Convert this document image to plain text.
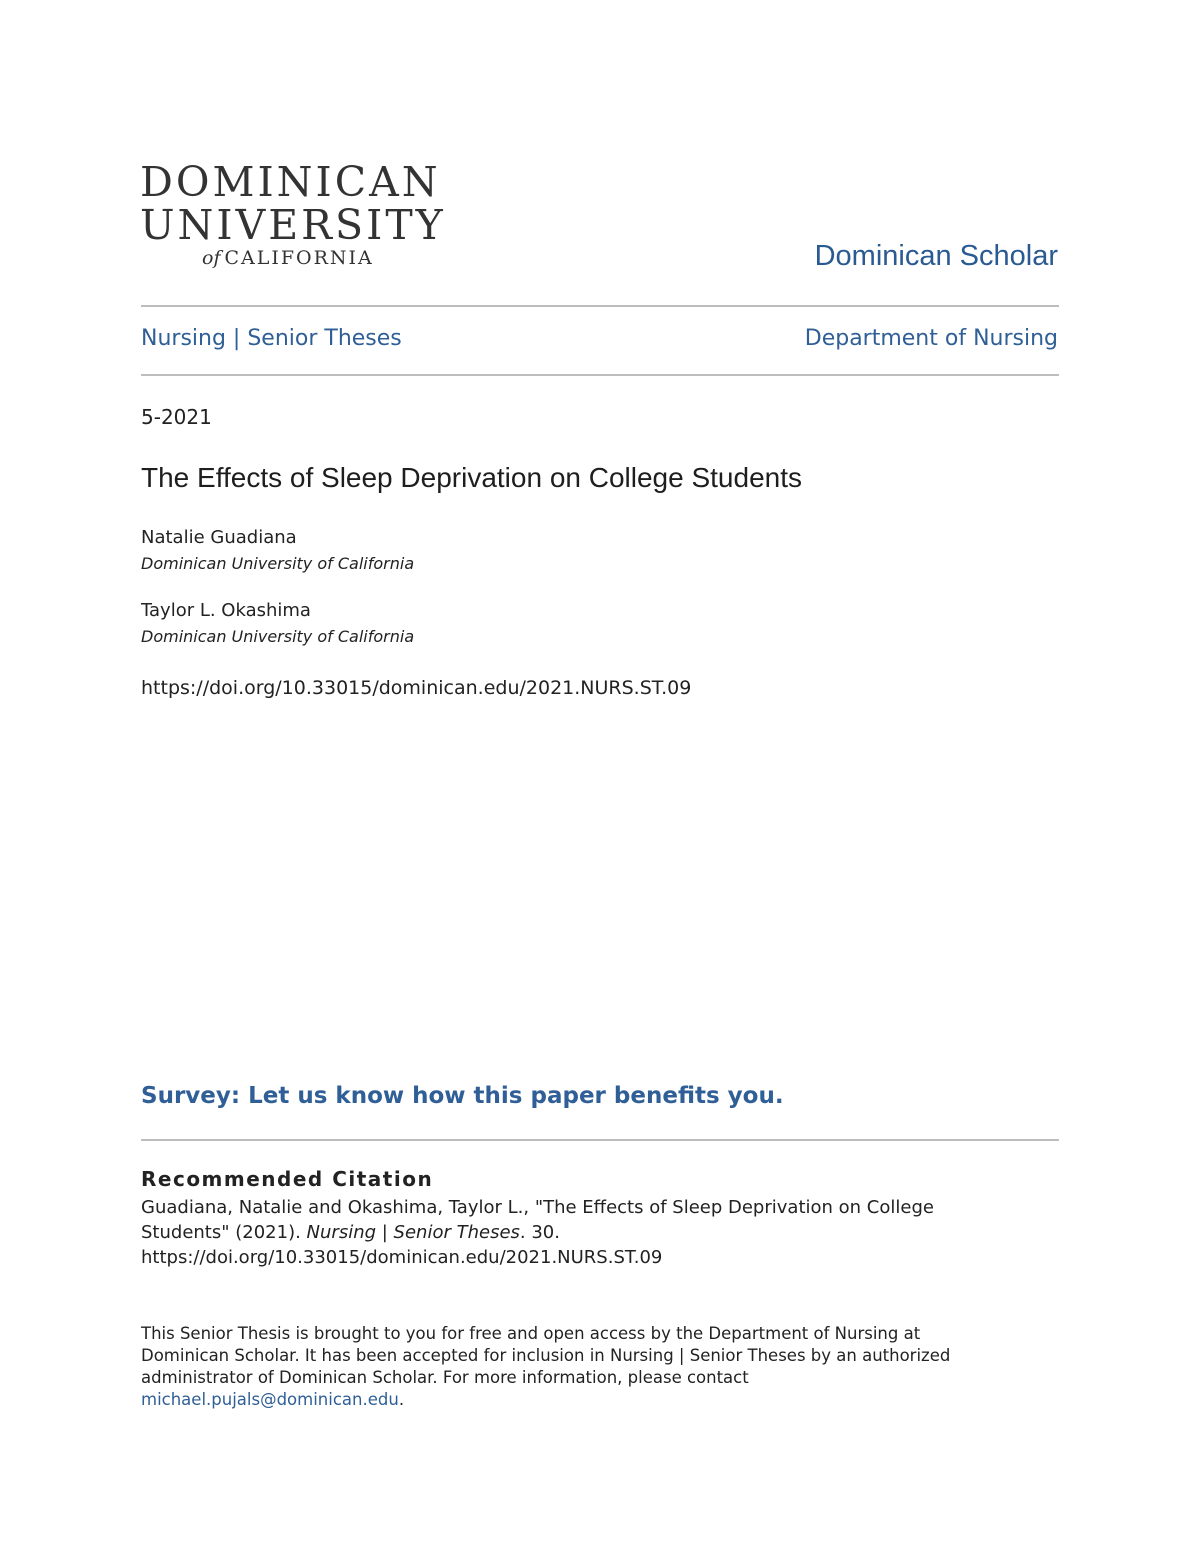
DOMINICAN
UNIVERSITY
of CALIFORNIA	Dominican Scholar
Nursing | Senior Theses	Department of Nursing
5-2021
The Effects of Sleep Deprivation on College Students
Natalie Guadiana
Dominican University of California
Taylor L. Okashima
Dominican University of California
https://doi.org/10.33015/dominican.edu/2021.NURS.ST.09
Survey: Let us know how this paper benefits you.
Recommended Citation
Guadiana, Natalie and Okashima, Taylor L., "The Effects of Sleep Deprivation on College
Students" (2021). Nursing | Senior Theses. 30.
https://doi.org/10.33015/dominican.edu/2021.NURS.ST.09
This Senior Thesis is brought to you for free and open access by the Department of Nursing at
Dominican Scholar. It has been accepted for inclusion in Nursing | Senior Theses by an authorized
administrator of Dominican Scholar. For more information, please contact
michael.pujals@dominican.edu.
